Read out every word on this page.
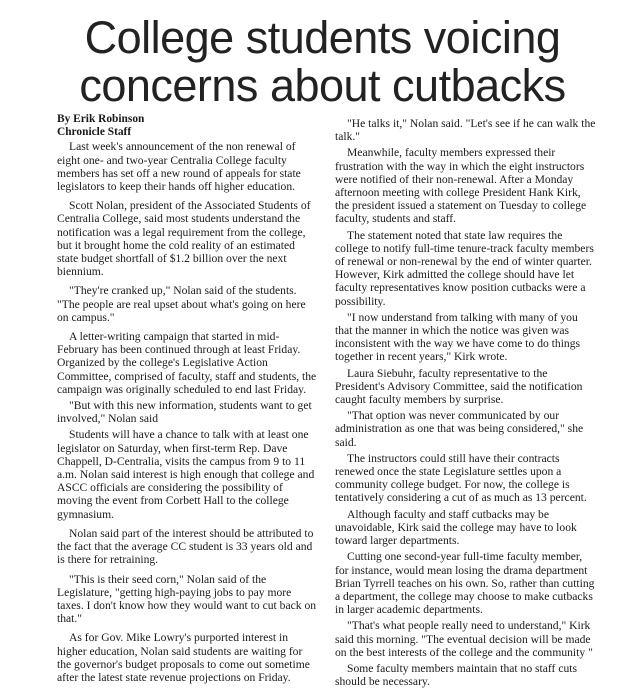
College students voicing
concerns about cutbacks

By Erik Robinson

Chronicle Staff

Last week's announcement of the non renewal of eight one- and two-year Centralia College faculty members has set off a new round of appeals for state legislators to keep their hands off higher education.

Scott Nolan, president of the Associated Students of Centralia College, said most students understand the notification was a legal requirement from the college, but it brought home the cold reality of an estimated state budget shortfall of $1.2 billion over the next biennium.

"They're cranked up," Nolan said of the students. "The people are real upset about what's going on here on campus."

A letter-writing campaign that started in mid-February has been continued through at least Friday. Organized by the college's Legislative Action Committee, comprised of faculty, staff and students, the campaign was originally scheduled to end last Friday.

"But with this new information, students want to get involved," Nolan said

Students will have a chance to talk with at least one legislator on Saturday, when first-term Rep. Dave Chappell, D-Centralia, visits the campus from 9 to 11 a.m. Nolan said interest is high enough that college and ASCC officials are considering the possibility of moving the event from Corbett Hall to the college gymnasium.

Nolan said part of the interest should be attributed to the fact that the average CC student is 33 years old and is there for retraining.

"This is their seed corn," Nolan said of the Legislature, "getting high-paying jobs to pay more taxes. I don't know how they would want to cut back on that."

As for Gov. Mike Lowry's purported interest in higher education, Nolan said students are waiting for the governor's budget proposals to come out sometime after the latest state revenue projections on Friday.

"He talks it," Nolan said. "Let's see if he can walk the talk."

Meanwhile, faculty members expressed their frustration with the way in which the eight instructors were notified of their non-renewal. After a Monday afternoon meeting with college President Hank Kirk, the president issued a statement on Tuesday to college faculty, students and staff.

The statement noted that state law requires the college to notify full-time tenure-track faculty members of renewal or non-renewal by the end of winter quarter. However, Kirk admitted the college should have let faculty representatives know position cutbacks were a possibility.

"I now understand from talking with many of you that the manner in which the notice was given was inconsistent with the way we have come to do things together in recent years," Kirk wrote.

Laura Siebuhr, faculty representative to the President's Advisory Committee, said the notification caught faculty members by surprise.

"That option was never communicated by our administration as one that was being considered," she said.

The instructors could still have their contracts renewed once the state Legislature settles upon a community college budget. For now, the college is tentatively considering a cut of as much as 13 percent.

Although faculty and staff cutbacks may be unavoidable, Kirk said the college may have to look toward larger departments.

Cutting one second-year full-time faculty member, for instance, would mean losing the drama department Brian Tyrrell teaches on his own. So, rather than cutting a department, the college may choose to make cutbacks in larger academic departments.

"That's what people really need to understand," Kirk said this morning. "The eventual decision will be made on the best interests of the college and the community "

Some faculty members maintain that no staff cuts should be necessary.
